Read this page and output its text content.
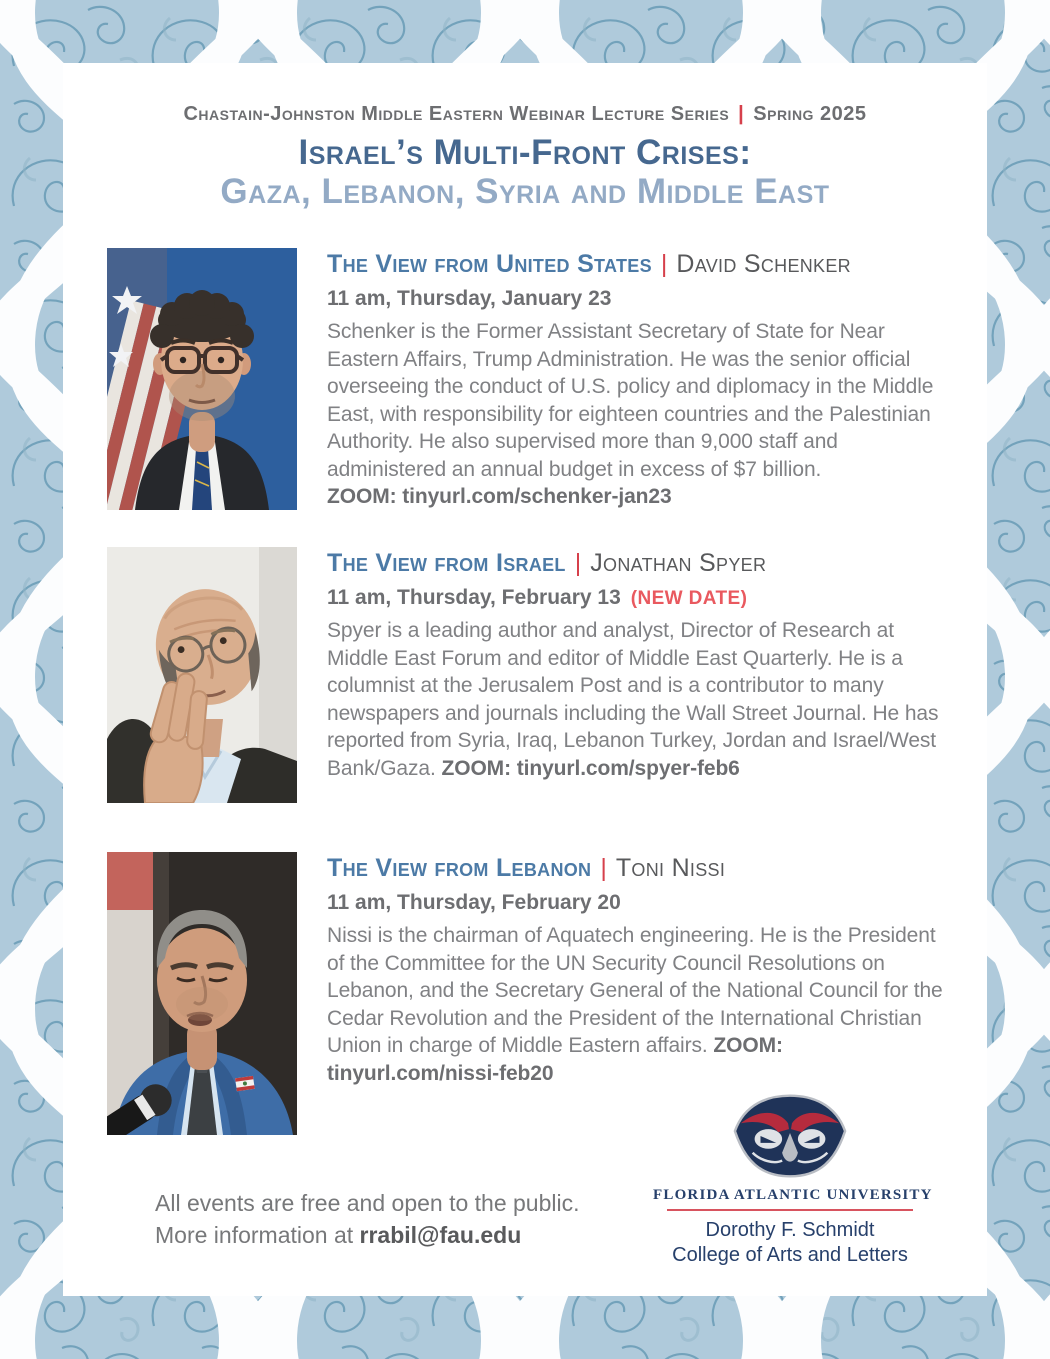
Chastain-Johnston Middle Eastern Webinar Lecture Series | Spring 2025
Israel’s Multi-Front Crises:
Gaza, Lebanon, Syria and Middle East

The View from United States | David Schenker

11 am, Thursday, January 23

Schenker is the Former Assistant Secretary of State for Near Eastern Affairs, Trump Administration. He was the senior official overseeing the conduct of U.S. policy and diplomacy in the Middle East, with responsibility for eighteen countries and the Palestinian Authority. He also supervised more than 9,000 staff and administered an annual budget in excess of $7 billion.
ZOOM: tinyurl.com/schenker-jan23

The View from Israel | Jonathan Spyer

11 am, Thursday, February 13 (NEW DATE)

Spyer is a leading author and analyst, Director of Research at Middle East Forum and editor of Middle East Quarterly. He is a columnist at the Jerusalem Post and is a contributor to many newspapers and journals including the Wall Street Journal. He has reported from Syria, Iraq, Lebanon Turkey, Jordan and Israel/West Bank/Gaza. ZOOM: tinyurl.com/spyer-feb6

The View from Lebanon | Toni Nissi

11 am, Thursday, February 20

Nissi is the chairman of Aquatech engineering. He is the President of the Committee for the UN Security Council Resolutions on Lebanon, and the Secretary General of the National Council for the Cedar Revolution and the President of the International Christian Union in charge of Middle Eastern affairs. ZOOM: tinyurl.com/nissi-feb20

All events are free and open to the public.
More information at rrabil@fau.edu
FLORIDA ATLANTIC UNIVERSITY
Dorothy F. Schmidt
College of Arts and Letters
